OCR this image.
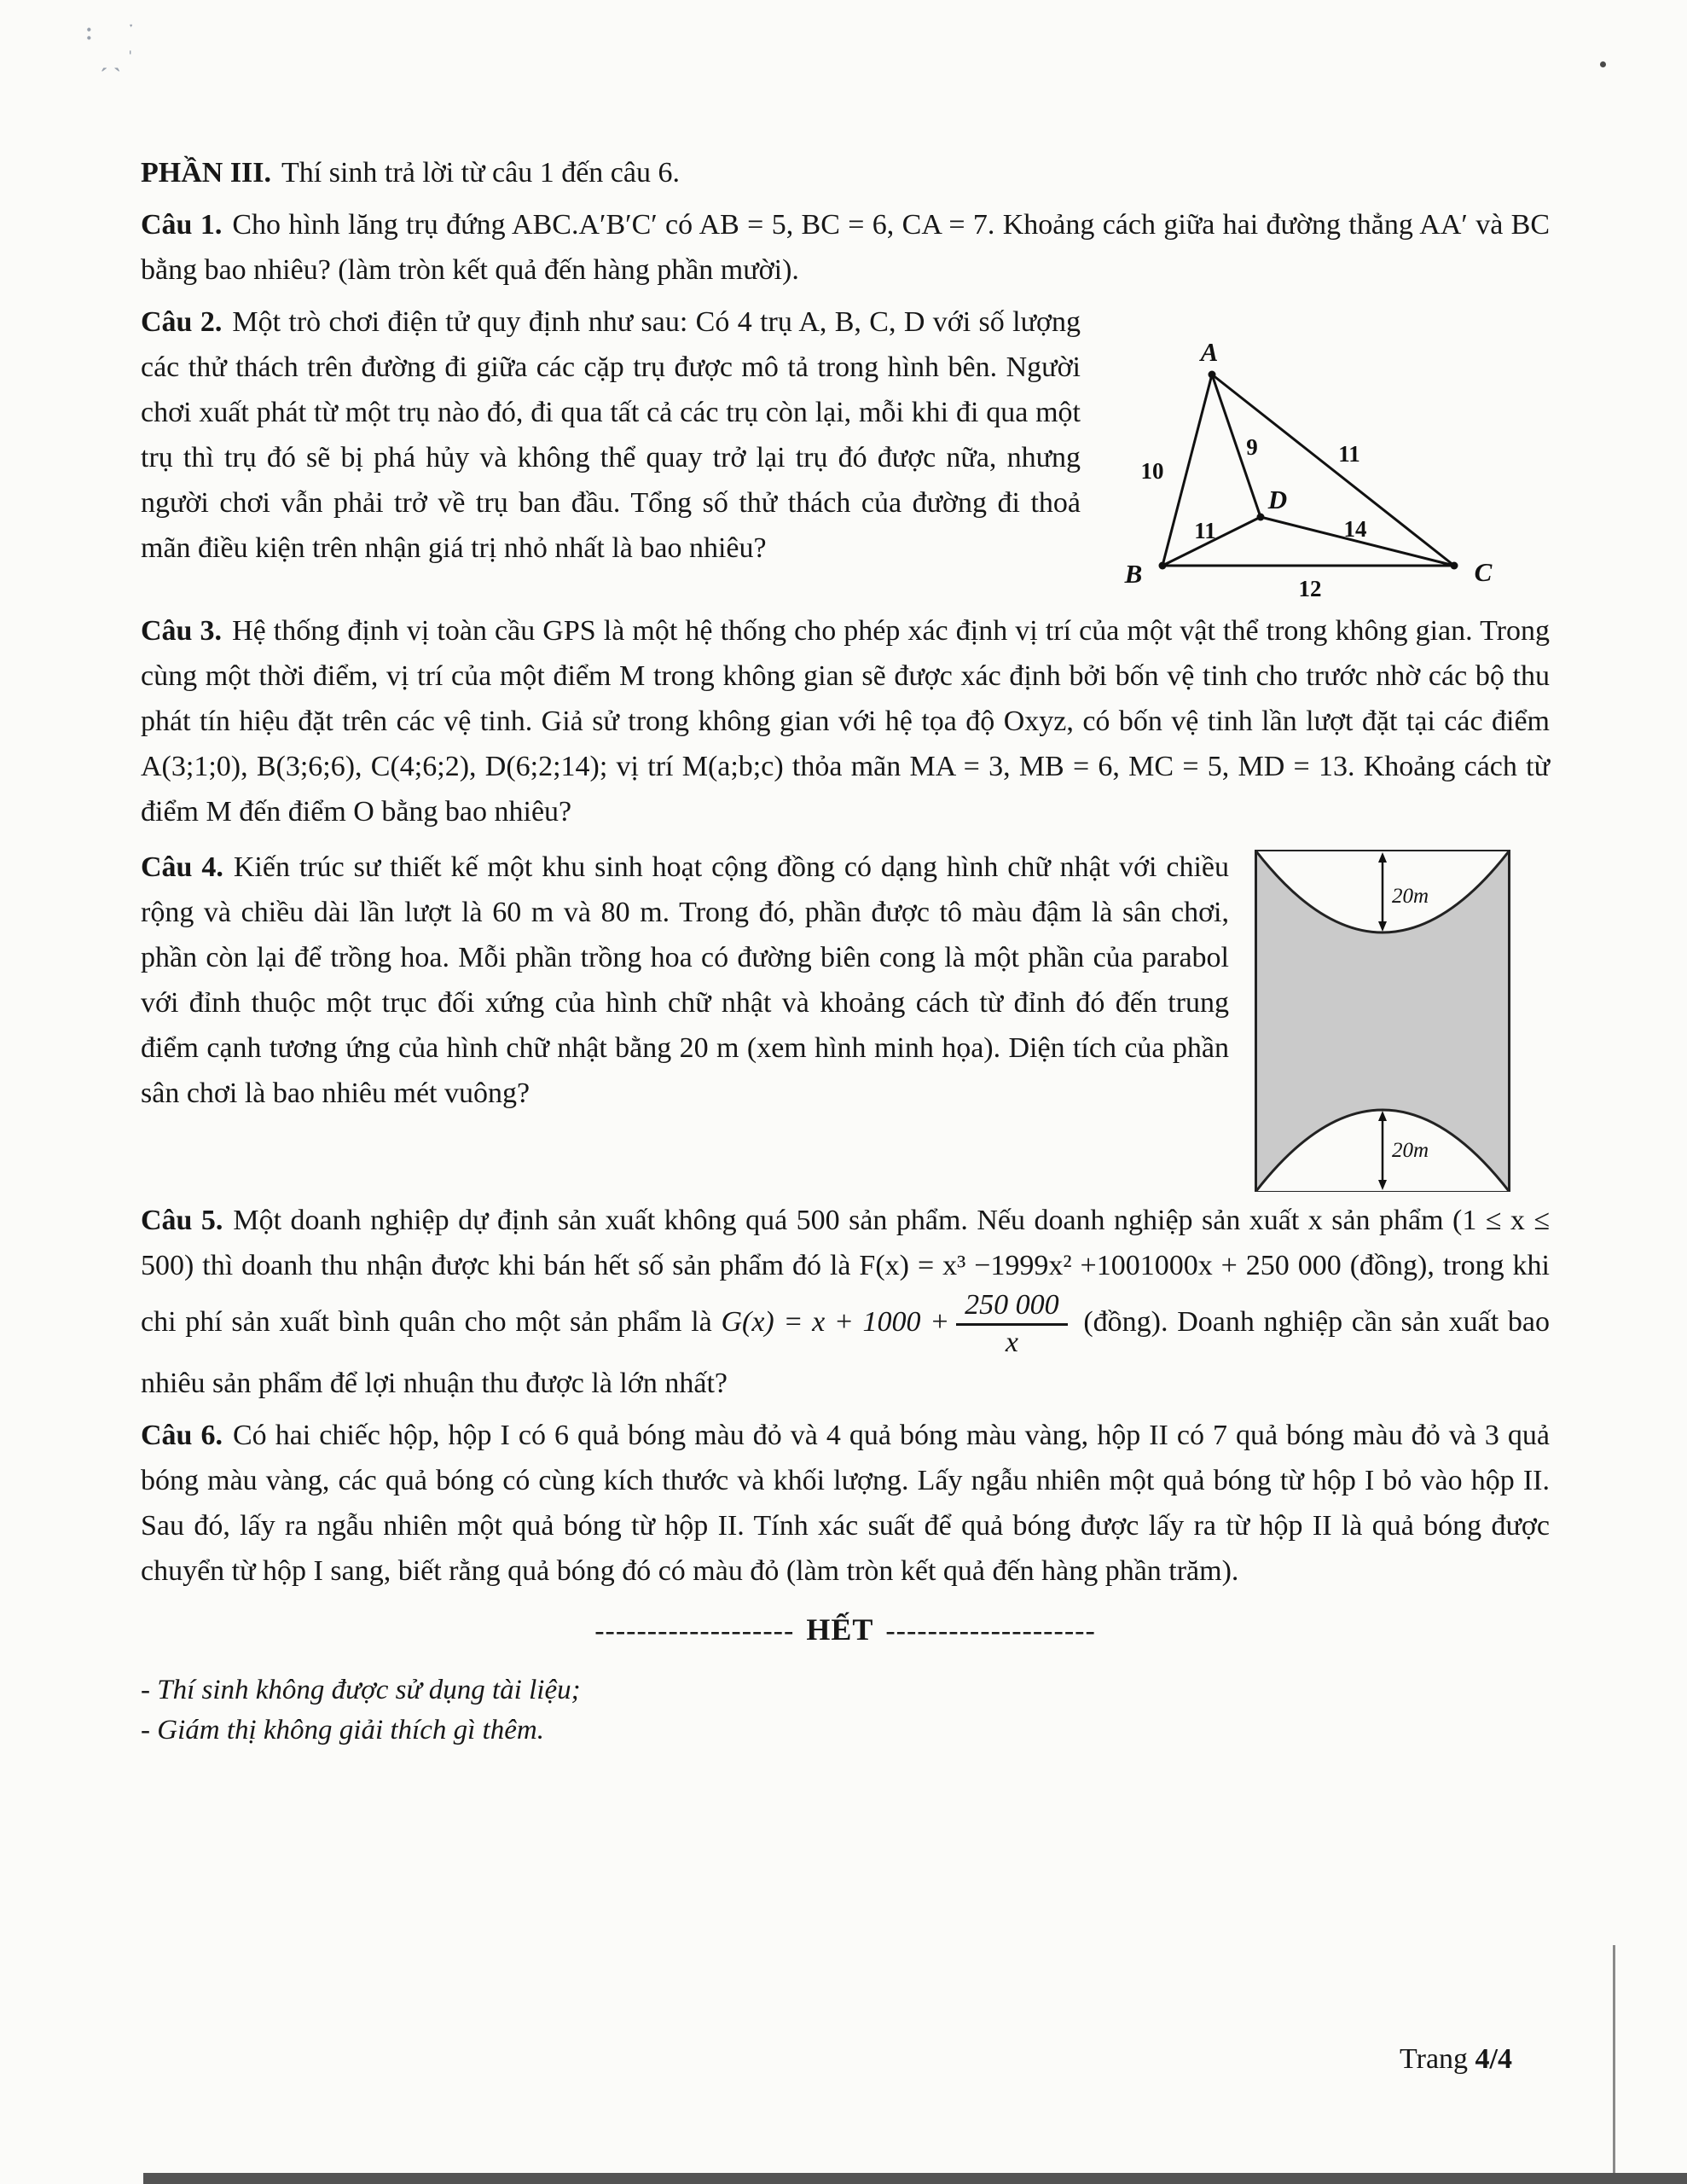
˸ ˑ
ˏ ˎ ˈ

PHẦN III. Thí sinh trả lời từ câu 1 đến câu 6.

Câu 1. Cho hình lăng trụ đứng ABC.A′B′C′ có AB = 5, BC = 6, CA = 7. Khoảng cách giữa hai đường thẳng AA′ và BC bằng bao nhiêu? (làm tròn kết quả đến hàng phần mười).

A
B	C
D
10
9	11
11	14
12
Câu 2. Một trò chơi điện tử quy định như sau: Có 4 trụ A, B, C, D với số lượng các thử thách trên đường đi giữa các cặp trụ được mô tả trong hình bên. Người chơi xuất phát từ một trụ nào đó, đi qua tất cả các trụ còn lại, mỗi khi đi qua một trụ thì trụ đó sẽ bị phá hủy và không thể quay trở lại trụ đó được nữa, nhưng người chơi vẫn phải trở về trụ ban đầu. Tổng số thử thách của đường đi thoả mãn điều kiện trên nhận giá trị nhỏ nhất là bao nhiêu?

Câu 3. Hệ thống định vị toàn cầu GPS là một hệ thống cho phép xác định vị trí của một vật thể trong không gian. Trong cùng một thời điểm, vị trí của một điểm M trong không gian sẽ được xác định bởi bốn vệ tinh cho trước nhờ các bộ thu phát tín hiệu đặt trên các vệ tinh. Giả sử trong không gian với hệ tọa độ Oxyz, có bốn vệ tinh lần lượt đặt tại các điểm A(3;1;0), B(3;6;6), C(4;6;2), D(6;2;14); vị trí M(a;b;c) thỏa mãn MA = 3, MB = 6, MC = 5, MD = 13. Khoảng cách từ điểm M đến điểm O bằng bao nhiêu?

20m
20m
Câu 4. Kiến trúc sư thiết kế một khu sinh hoạt cộng đồng có dạng hình chữ nhật với chiều rộng và chiều dài lần lượt là 60 m và 80 m. Trong đó, phần được tô màu đậm là sân chơi, phần còn lại để trồng hoa. Mỗi phần trồng hoa có đường biên cong là một phần của parabol với đỉnh thuộc một trục đối xứng của hình chữ nhật và khoảng cách từ đỉnh đó đến trung điểm cạnh tương ứng của hình chữ nhật bằng 20 m (xem hình minh họa). Diện tích của phần sân chơi là bao nhiêu mét vuông?

Câu 5. Một doanh nghiệp dự định sản xuất không quá 500 sản phẩm. Nếu doanh nghiệp sản xuất x sản phẩm (1 ≤ x ≤ 500) thì doanh thu nhận được khi bán hết số sản phẩm đó là F(x) = x³ −1999x² +1001000x + 250 000 (đồng), trong khi chi phí sản xuất bình quân cho một sản phẩm là $G(x) = x + 1000 + \frac{250 000}{x}$ (đồng). Doanh nghiệp cần sản xuất bao nhiêu sản phẩm để lợi nhuận thu được là lớn nhất?

Câu 6. Có hai chiếc hộp, hộp I có 6 quả bóng màu đỏ và 4 quả bóng màu vàng, hộp II có 7 quả bóng màu đỏ và 3 quả bóng màu vàng, các quả bóng có cùng kích thước và khối lượng. Lấy ngẫu nhiên một quả bóng từ hộp I bỏ vào hộp II. Sau đó, lấy ra ngẫu nhiên một quả bóng từ hộp II. Tính xác suất để quả bóng được lấy ra từ hộp II là quả bóng được chuyển từ hộp I sang, biết rằng quả bóng đó có màu đỏ (làm tròn kết quả đến hàng phần trăm).

------------------- HẾT --------------------
- Thí sinh không được sử dụng tài liệu;
- Giám thị không giải thích gì thêm.
Trang 4/4
